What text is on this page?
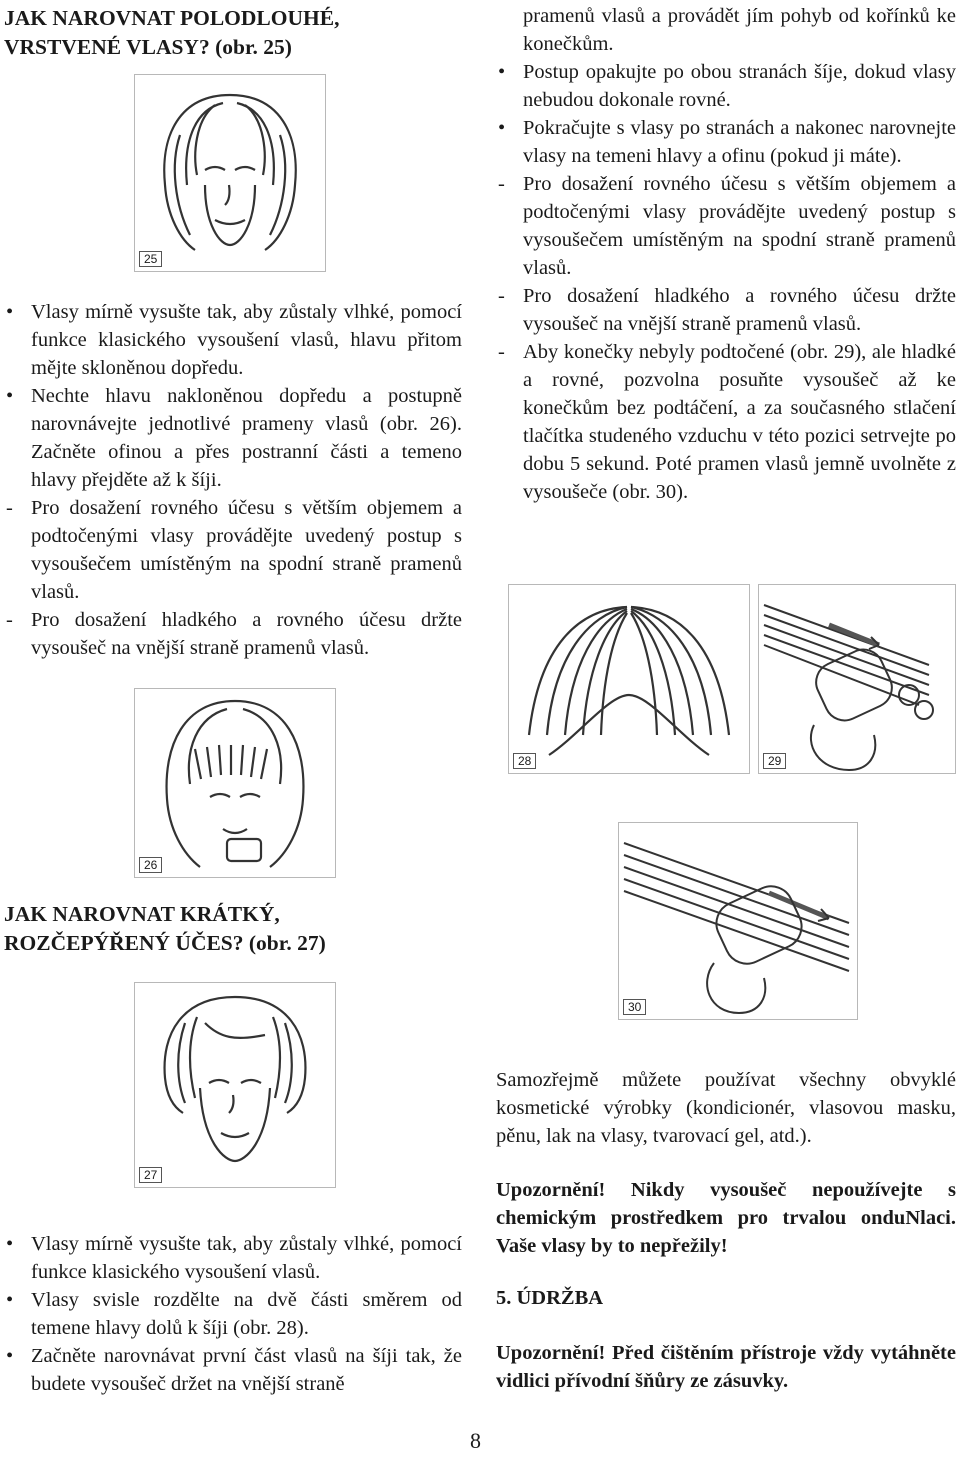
JAK NAROVNAT POLODLOUHÉ,
VRSTVENÉ VLASY? (obr. 25)
25
• Vlasy mírně vysušte tak, aby zůstaly vlhké, pomocí funkce klasického vysoušení vlasů, hlavu přitom mějte skloněnou dopředu.
• Nechte hlavu nakloněnou dopředu a postupně narovnávejte jednotlivé prameny vlasů (obr. 26). Začněte ofinou a přes postranní části a temeno hlavy přejděte až k šíji.
- Pro dosažení rovného účesu s větším objemem a podtočenými vlasy provádějte uvedený postup s vysoušečem umístěným na spodní straně pramenů vlasů.
- Pro dosažení hladkého a rovného účesu držte vysoušeč na vnější straně pramenů vlasů.
26
JAK NAROVNAT KRÁTKÝ,
ROZČEPÝŘENÝ ÚČES? (obr. 27)
27
• Vlasy mírně vysušte tak, aby zůstaly vlhké, pomocí funkce klasického vysoušení vlasů.
• Vlasy svisle rozdělte na dvě části směrem od temene hlavy dolů k šíji (obr. 28).
• Začněte narovnávat první část vlasů na šíji tak, že budete vysoušeč držet na vnější straně

pramenů vlasů a provádět jím pohyb od kořínků ke konečkům.

• Postup opakujte po obou stranách šíje, dokud vlasy nebudou dokonale rovné.
• Pokračujte s vlasy po stranách a nakonec narovnejte vlasy na temeni hlavy a ofinu (pokud ji máte).
- Pro dosažení rovného účesu s větším objemem a podtočenými vlasy provádějte uvedený postup s vysoušečem umístěným na spodní straně pramenů vlasů.
- Pro dosažení hladkého a rovného účesu držte vysoušeč na vnější straně pramenů vlasů.
- Aby konečky nebyly podtočené (obr. 29), ale hladké a rovné, pozvolna posuňte vysoušeč až ke konečkům bez podtáčení, a za současného stlačení tlačítka studeného vzduchu v této pozici setrvejte po dobu 5 sekund. Poté pramen vlasů jemně uvolněte z vysoušeče (obr. 30).
28	29
30

Samozřejmě můžete používat všechny obvyklé kosmetické výrobky (kondicionér, vlasovou masku, pěnu, lak na vlasy, tvarovací gel, atd.).

Upozornění! Nikdy vysoušeč nepoužívejte s chemickým prostředkem pro trvalou onduNlaci. Vaše vlasy by to nepřežily!

5. ÚDRŽBA

Upozornění! Před čištěním přístroje vždy vytáhněte vidlici přívodní šňůry ze zásuvky.

8
